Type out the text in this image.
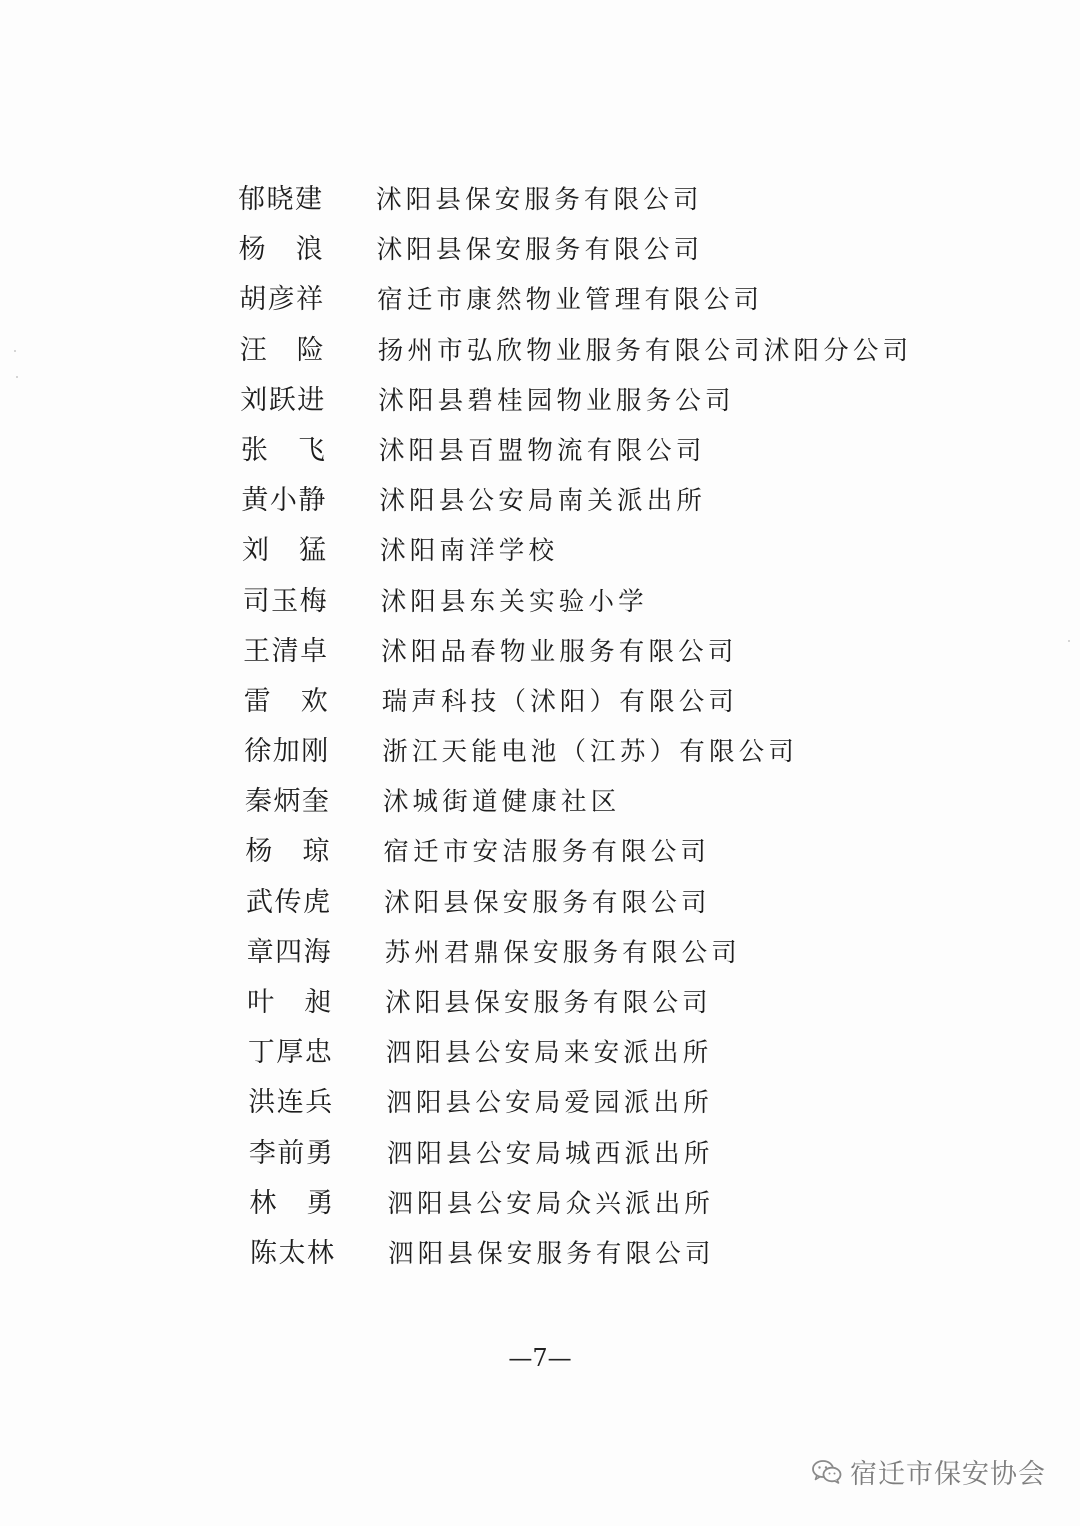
郁 晓 建 沭阳县保安服务有限公司
杨 浪 沭阳县保安服务有限公司
胡 彦 祥 宿迁市康然物业管理有限公司
汪 险 扬州市弘欣物业服务有限公司沭阳分公司
刘 跃 进 沭阳县碧桂园物业服务公司
张 飞 沭阳县百盟物流有限公司
黄 小 静 沭阳县公安局南关派出所
刘 猛 沭阳南洋学校
司 玉 梅 沭阳县东关实验小学
王 清 卓 沭阳品春物业服务有限公司
雷 欢 瑞声科技（沭阳）有限公司
徐 加 刚 浙江天能电池（江苏）有限公司
秦 炳 奎 沭城街道健康社区
杨 琼 宿迁市安洁服务有限公司
武 传 虎 沭阳县保安服务有限公司
章 四 海 苏州君鼎保安服务有限公司
叶 昶 沭阳县保安服务有限公司
丁 厚 忠 泗阳县公安局来安派出所
洪 连 兵 泗阳县公安局爱园派出所
李 前 勇 泗阳县公安局城西派出所
林 勇 泗阳县公安局众兴派出所
陈 太 林 泗阳县保安服务有限公司
—7—
宿迁市保安协会
